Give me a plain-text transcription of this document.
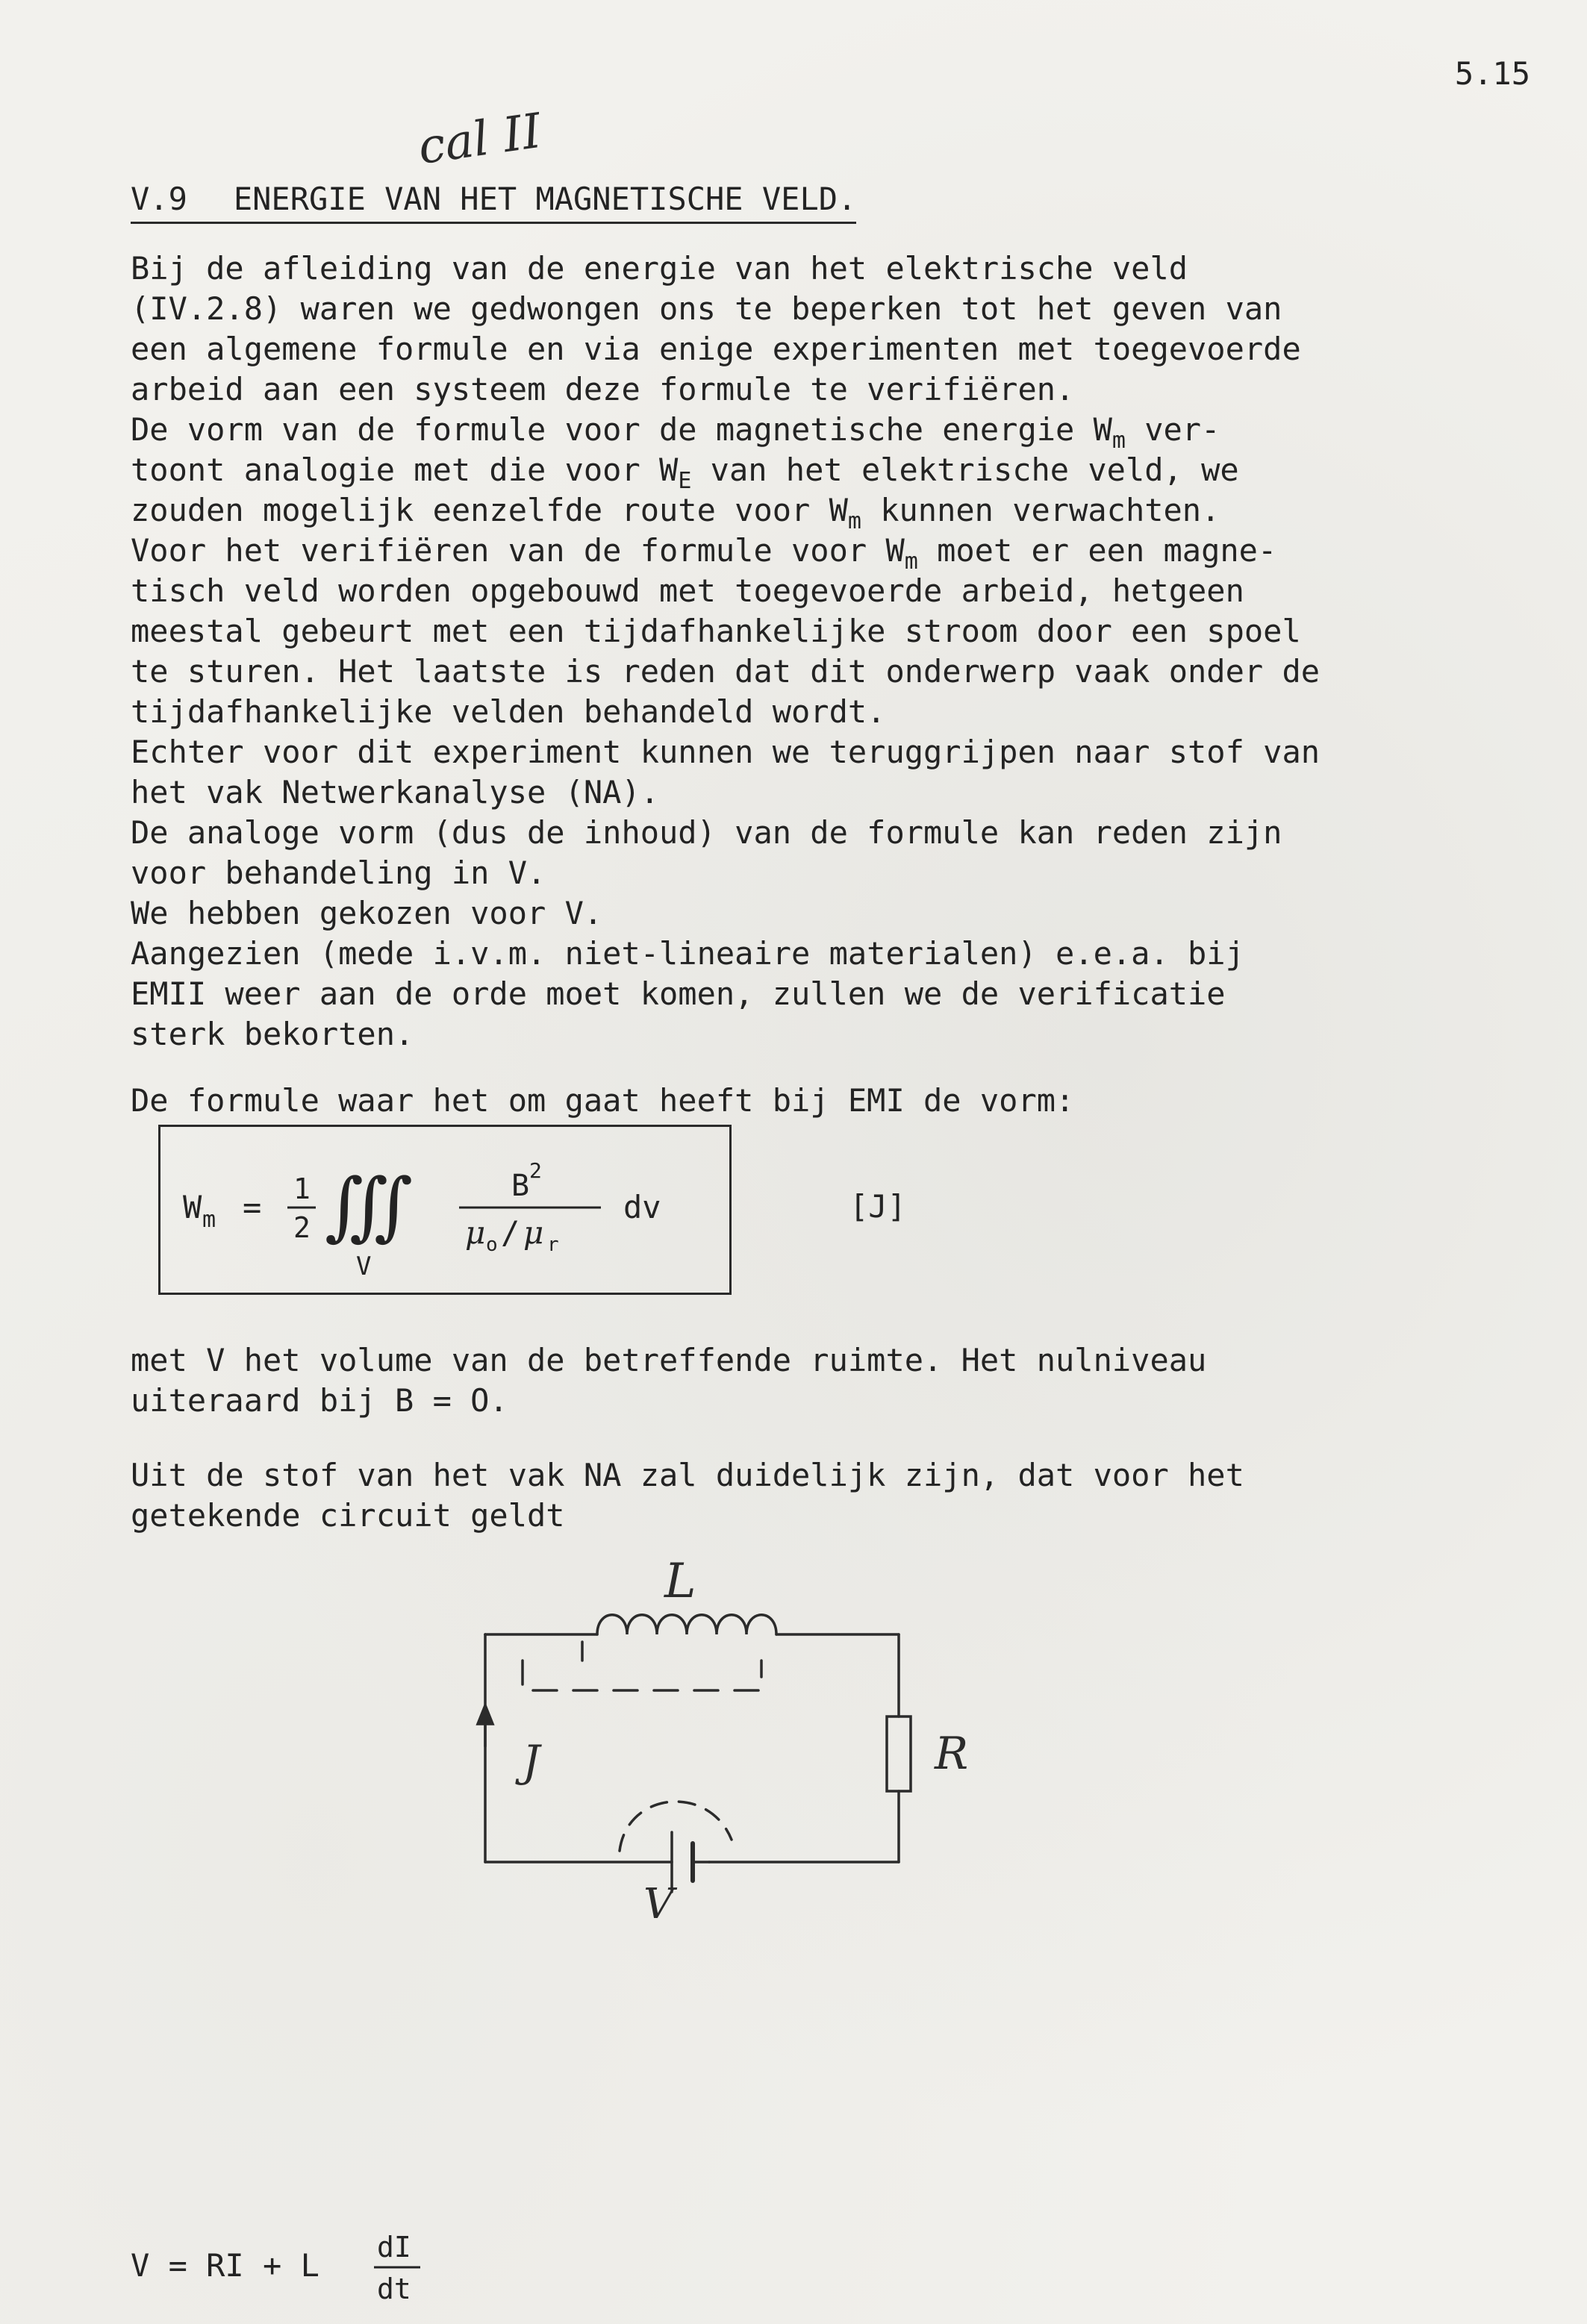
5.15
cal II
V.9 ENERGIE VAN HET MAGNETISCHE VELD.
Bij de afleiding van de energie van het elektrische veld
(IV.2.8) waren we gedwongen ons te beperken tot het geven van
een algemene formule en via enige experimenten met toegevoerde
arbeid aan een systeem deze formule te verifiëren.
De vorm van de formule voor de magnetische energie $W_m$ ver-
toont analogie met die voor $W_E$ van het elektrische veld, we
zouden mogelijk eenzelfde route voor $W_m$ kunnen verwachten.
Voor het verifiëren van de formule voor $W_m$ moet er een magne-
tisch veld worden opgebouwd met toegevoerde arbeid, hetgeen
meestal gebeurt met een tijdafhankelijke stroom door een spoel
te sturen. Het laatste is reden dat dit onderwerp vaak onder de
tijdafhankelijke velden behandeld wordt.
Echter voor dit experiment kunnen we teruggrijpen naar stof van
het vak Netwerkanalyse (NA).
De analoge vorm (dus de inhoud) van de formule kan reden zijn
voor behandeling in V.
We hebben gekozen voor V.
Aangezien (mede i.v.m. niet-lineaire materialen) e.e.a. bij
EMII weer aan de orde moet komen, zullen we de verificatie
sterk bekorten.
De formule waar het om gaat heeft bij EMI de vorm:
W m = 1
2 ∭
V
B 2
μ o / μ r
dv	[J]
met V het volume van de betreffende ruimte. Het nulniveau
uiteraard bij B = O.
Uit de stof van het vak NA zal duidelijk zijn, dat voor het
getekende circuit geldt
L
R
J
V
V = RI + L dI
dt
